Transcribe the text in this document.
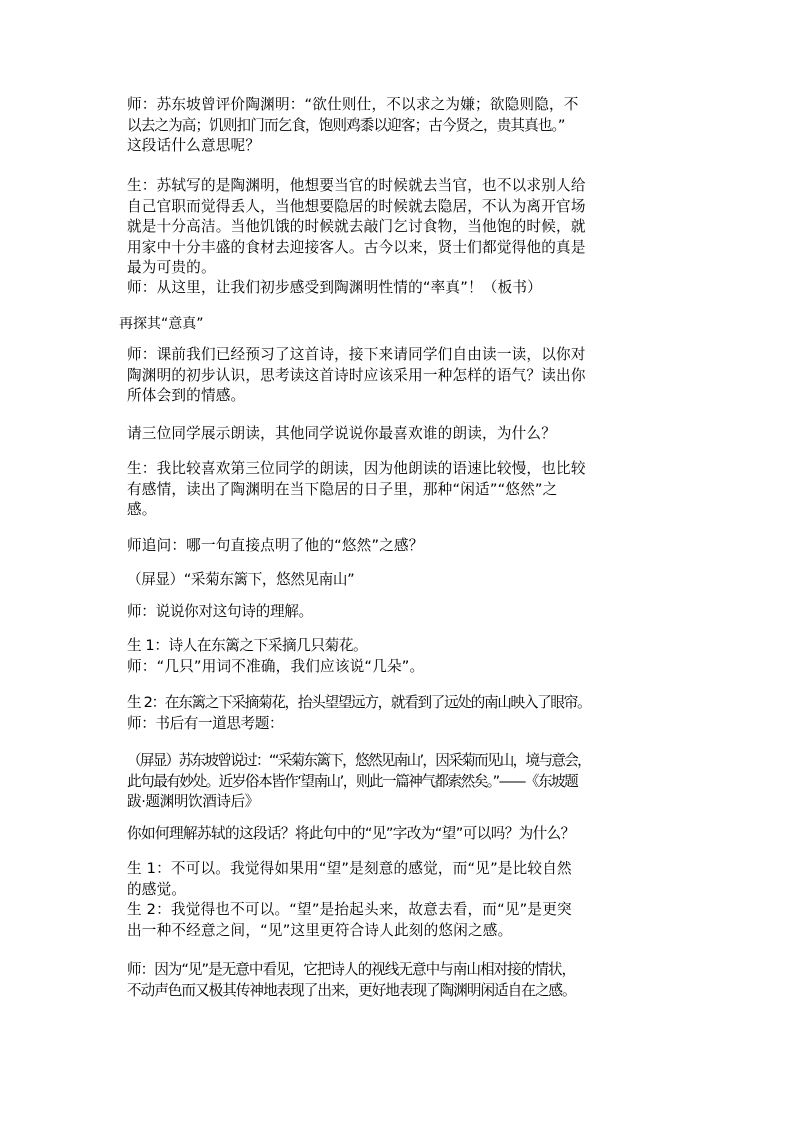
师：苏东坡曾评价陶渊明：“欲仕则仕，不以求之为嫌；欲隐则隐，不
以去之为高；饥则扣门而乞食，饱则鸡黍以迎客；古今贤之，贵其真也。”
这段话什么意思呢？
生：苏轼写的是陶渊明，他想要当官的时候就去当官，也不以求别人给
自己官职而觉得丢人，当他想要隐居的时候就去隐居，不认为离开官场
就是十分高洁。当他饥饿的时候就去敲门乞讨食物，当他饱的时候，就
用家中十分丰盛的食材去迎接客人。古今以来，贤士们都觉得他的真是
最为可贵的。
师：从这里，让我们初步感受到陶渊明性情的“率真”！（板书）
再探其“意真”
师：课前我们已经预习了这首诗，接下来请同学们自由读一读，以你对
陶渊明的初步认识，思考读这首诗时应该采用一种怎样的语气？读出你
所体会到的情感。
请三位同学展示朗读，其他同学说说你最喜欢谁的朗读，为什么？
生：我比较喜欢第三位同学的朗读，因为他朗读的语速比较慢，也比较
有感情，读出了陶渊明在当下隐居的日子里，那种“闲适”“悠然”之
感。
师追问：哪一句直接点明了他的“悠然”之感？
（屏显）“采菊东篱下，悠然见南山”
师：说说你对这句诗的理解。
生 1：诗人在东篱之下采摘几只菊花。
师：“几只”用词不准确，我们应该说“几朵”。
生 2：在东篱之下采摘菊花，抬头望望远方，就看到了远处的南山映入了眼帘。
师：书后有一道思考题：
（屏显）苏东坡曾说过：“‘采菊东篱下，悠然见南山’，因采菊而见山，境与意会，
此句最有妙处。近岁俗本皆作‘望南山’，则此一篇神气都索然矣。”——《东坡题
跋·题渊明饮酒诗后》
你如何理解苏轼的这段话？将此句中的“见”字改为“望”可以吗？为什么？
生 1：不可以。我觉得如果用“望”是刻意的感觉，而“见”是比较自然
的感觉。
生 2：我觉得也不可以。“望”是抬起头来，故意去看，而“见”是更突
出一种不经意之间，“见”这里更符合诗人此刻的悠闲之感。
师：因为“见”是无意中看见，它把诗人的视线无意中与南山相对接的情状，
不动声色而又极其传神地表现了出来，更好地表现了陶渊明闲适自在之感。
